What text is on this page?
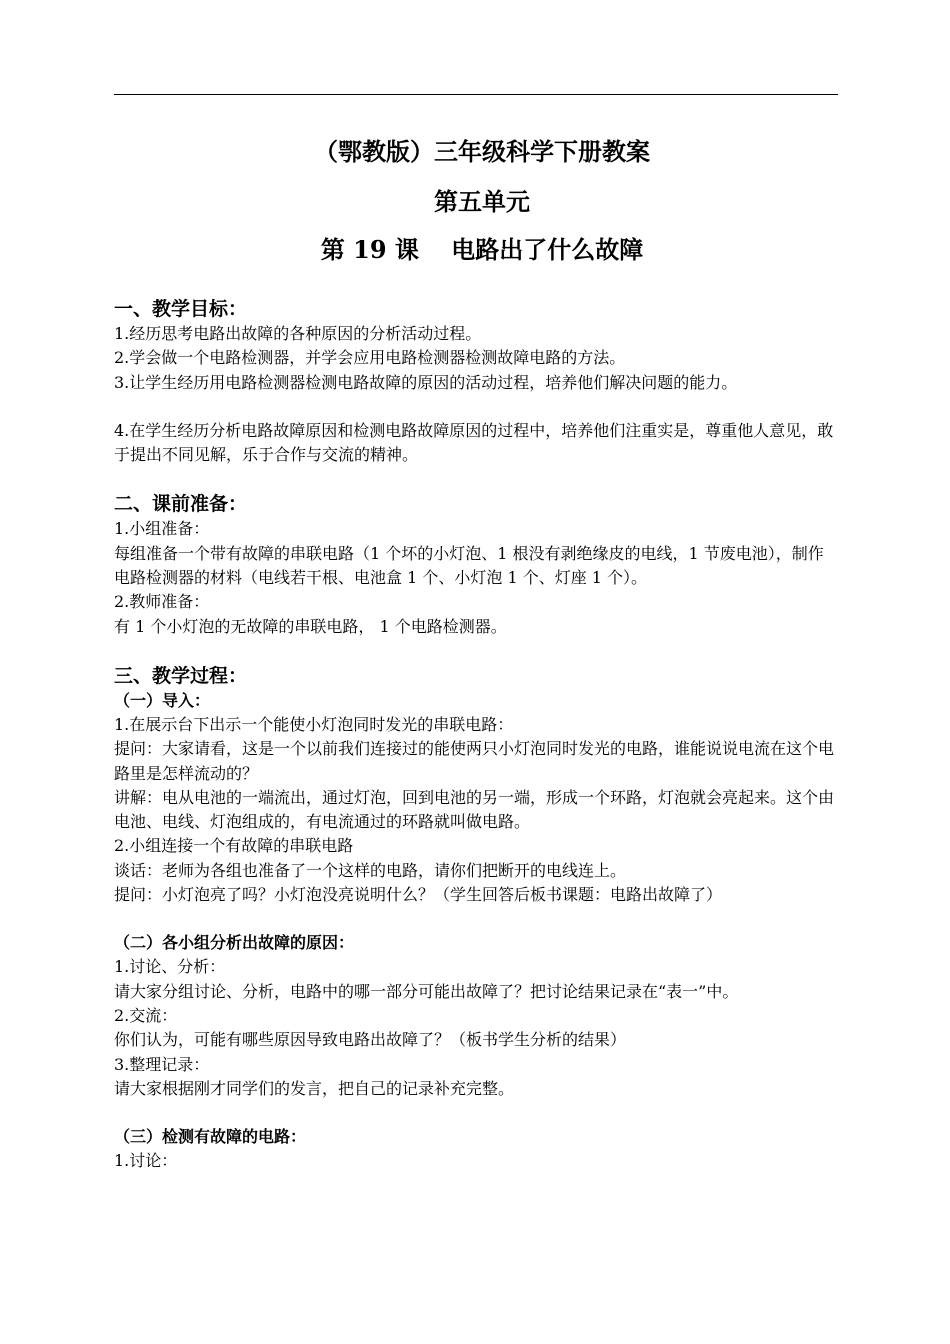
（鄂教版）三年级科学下册教案

第五单元

第 19 课　 电路出了什么故障

一、教学目标：

1.经历思考电路出故障的各种原因的分析活动过程。

2.学会做一个电路检测器，并学会应用电路检测器检测故障电路的方法。

3.让学生经历用电路检测器检测电路故障的原因的活动过程，培养他们解决问题的能力。

4.在学生经历分析电路故障原因和检测电路故障原因的过程中，培养他们注重实是，尊重他人意见，敢于提出不同见解，乐于合作与交流的精神。

二、课前准备：

1.小组准备：

每组准备一个带有故障的串联电路（1 个坏的小灯泡、1 根没有剥绝缘皮的电线，1 节废电池），制作电路检测器的材料（电线若干根、电池盒 1 个、小灯泡 1 个、灯座 1 个）。

2.教师准备：

有 1 个小灯泡的无故障的串联电路， 1 个电路检测器。

三、教学过程：

（一）导入：

1.在展示台下出示一个能使小灯泡同时发光的串联电路：

提问：大家请看，这是一个以前我们连接过的能使两只小灯泡同时发光的电路，谁能说说电流在这个电路里是怎样流动的？

讲解：电从电池的一端流出，通过灯泡，回到电池的另一端，形成一个环路，灯泡就会亮起来。这个由电池、电线、灯泡组成的，有电流通过的环路就叫做电路。

2.小组连接一个有故障的串联电路

谈话：老师为各组也准备了一个这样的电路，请你们把断开的电线连上。

提问：小灯泡亮了吗？小灯泡没亮说明什么？（学生回答后板书课题：电路出故障了）

（二）各小组分析出故障的原因：

1.讨论、分析：

请大家分组讨论、分析，电路中的哪一部分可能出故障了？把讨论结果记录在“表一”中。

2.交流：

你们认为，可能有哪些原因导致电路出故障了？（板书学生分析的结果）

3.整理记录：

请大家根据刚才同学们的发言，把自己的记录补充完整。

（三）检测有故障的电路：

1.讨论：
